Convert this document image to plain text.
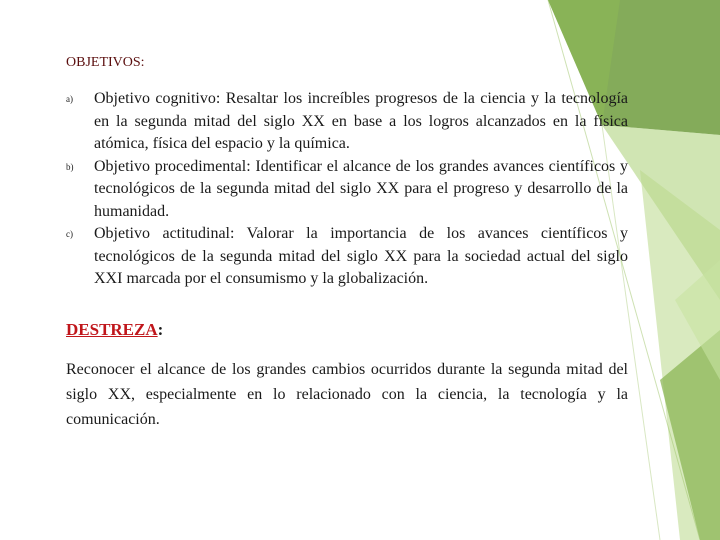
OBJETIVOS:
a) Objetivo cognitivo: Resaltar los increíbles progresos de la ciencia y la tecnología en la segunda mitad del siglo XX en base a los logros alcanzados en la física atómica, física del espacio y la química.
b) Objetivo procedimental: Identificar el alcance de los grandes avances científicos y tecnológicos de la segunda mitad del siglo XX para el progreso y desarrollo de la humanidad.
c) Objetivo actitudinal: Valorar la importancia de los avances científicos y tecnológicos de la segunda mitad del siglo XX para la sociedad actual del siglo XXI marcada por el consumismo y la globalización.
DESTREZA:
Reconocer el alcance de los grandes cambios ocurridos durante la segunda mitad del siglo XX, especialmente en lo relacionado con la ciencia, la tecnología y la comunicación.
